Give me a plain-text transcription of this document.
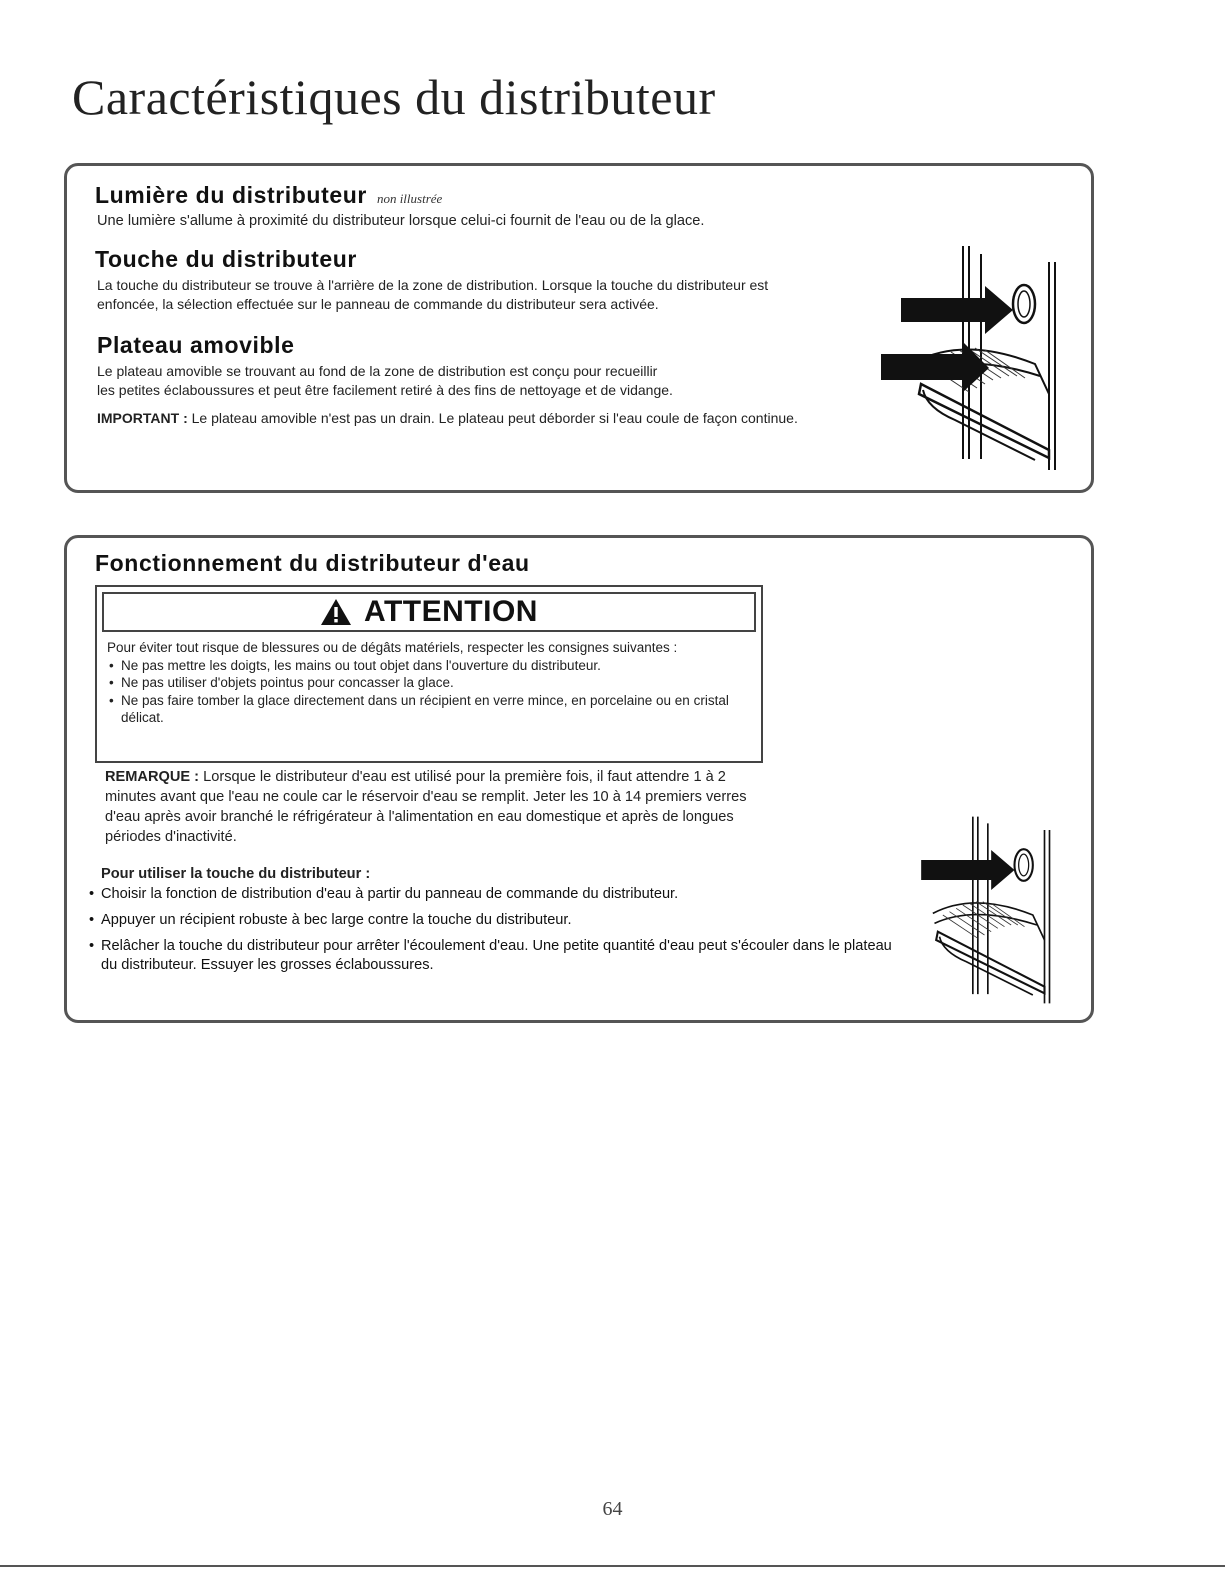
Caractéristiques du distributeur
Lumière du distributeur non illustrée

Une lumière s'allume à proximité du distributeur lorsque celui-ci fournit de l'eau ou de la glace.

Touche du distributeur

La touche du distributeur se trouve à l'arrière de la zone de distribution. Lorsque la touche du distributeur est

enfoncée, la sélection effectuée sur le panneau de commande du distributeur sera activée.

Plateau amovible

Le plateau amovible se trouvant au fond de la zone de distribution est conçu pour recueillir

les petites éclaboussures et peut être facilement retiré à des fins de nettoyage et de vidange.

IMPORTANT : Le plateau amovible n'est pas un drain. Le plateau peut déborder si l'eau coule de façon continue.

Fonctionnement du distributeur d'eau
ATTENTION

Pour éviter tout risque de blessures ou de dégâts matériels, respecter les consignes suivantes :

• Ne pas mettre les doigts, les mains ou tout objet dans l'ouverture du distributeur.
• Ne pas utiliser d'objets pointus pour concasser la glace.
• Ne pas faire tomber la glace directement dans un récipient en verre mince, en porcelaine ou en cristal délicat.

REMARQUE : Lorsque le distributeur d'eau est utilisé pour la première fois, il faut attendre 1 à 2

minutes avant que l'eau ne coule car le réservoir d'eau se remplit. Jeter les 10 à 14 premiers verres

d'eau après avoir branché le réfrigérateur à l'alimentation en eau domestique et après de longues

périodes d'inactivité.

Pour utiliser la touche du distributeur :

• Choisir la fonction de distribution d'eau à partir du panneau de commande du distributeur.
• Appuyer un récipient robuste à bec large contre la touche du distributeur.
• Relâcher la touche du distributeur pour arrêter l'écoulement d'eau. Une petite quantité d'eau peut s'écouler dans le plateau du distributeur. Essuyer les grosses éclaboussures.
64
